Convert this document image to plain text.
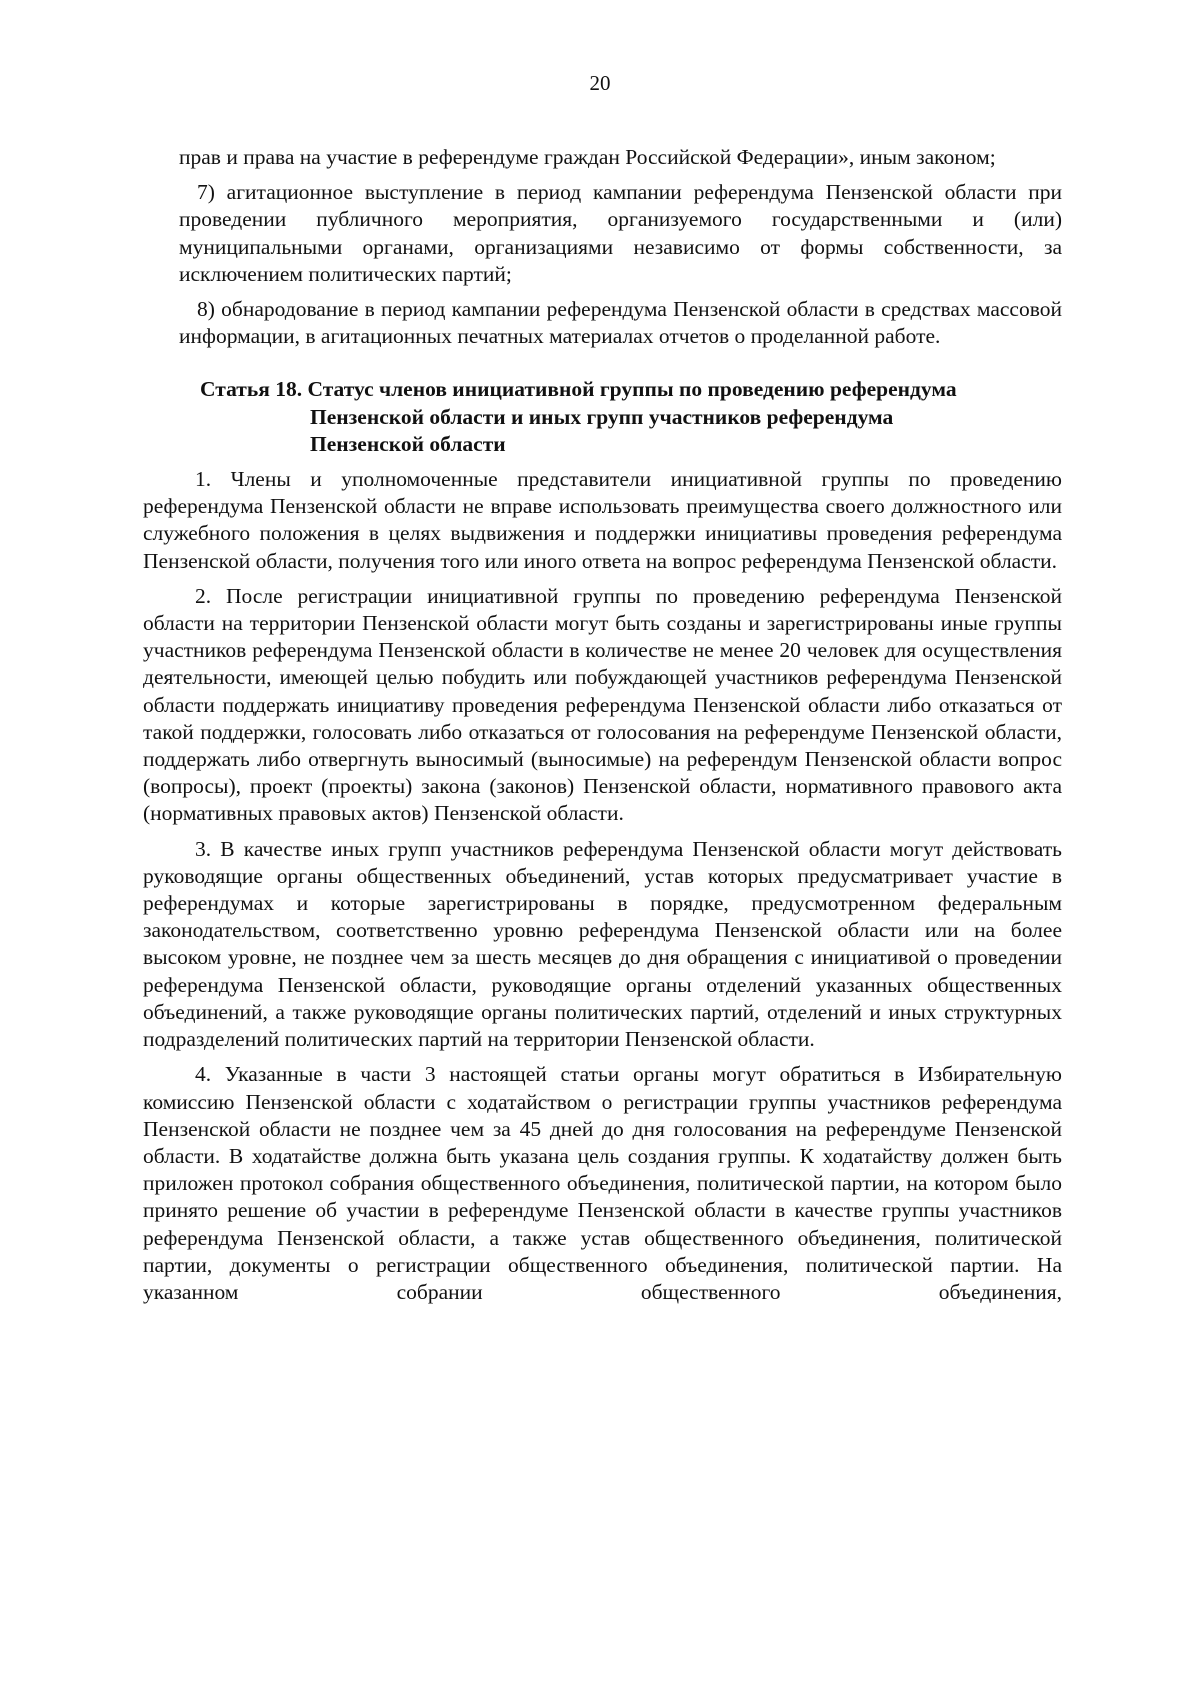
20

прав и права на участие в референдуме граждан Российской Федерации», иным законом;

7) агитационное выступление в период кампании референдума Пензенской области при проведении публичного мероприятия, организуемого государственными и (или) муниципальными органами, организациями независимо от формы собственности, за исключением политических партий;

8) обнародование в период кампании референдума Пензенской области в средствах массовой информации, в агитационных печатных материалах отчетов о проделанной работе.

Статья 18. Статус членов инициативной группы по проведению референдума
Пензенской области и иных групп участников референдума
Пензенской области

1. Члены и уполномоченные представители инициативной группы по проведению референдума Пензенской области не вправе использовать преимущества своего должностного или служебного положения в целях выдвижения и поддержки инициативы проведения референдума Пензенской области, получения того или иного ответа на вопрос референдума Пензенской области.

2. После регистрации инициативной группы по проведению референдума Пензенской области на территории Пензенской области могут быть созданы и зарегистрированы иные группы участников референдума Пензенской области в количестве не менее 20 человек для осуществления деятельности, имеющей целью побудить или побуждающей участников референдума Пензенской области поддержать инициативу проведения референдума Пензенской области либо отказаться от такой поддержки, голосовать либо отказаться от голосования на референдуме Пензенской области, поддержать либо отвергнуть выносимый (выносимые) на референдум Пензенской области вопрос (вопросы), проект (проекты) закона (законов) Пензенской области, нормативного правового акта (нормативных правовых актов) Пензенской области.

3. В качестве иных групп участников референдума Пензенской области могут действовать руководящие органы общественных объединений, устав которых предусматривает участие в референдумах и которые зарегистрированы в порядке, предусмотренном федеральным законодательством, соответственно уровню референдума Пензенской области или на более высоком уровне, не позднее чем за шесть месяцев до дня обращения с инициативой о проведении референдума Пензенской области, руководящие органы отделений указанных общественных объединений, а также руководящие органы политических партий, отделений и иных структурных подразделений политических партий на территории Пензенской области.

4. Указанные в части 3 настоящей статьи органы могут обратиться в Избирательную комиссию Пензенской области с ходатайством о регистрации группы участников референдума Пензенской области не позднее чем за 45 дней до дня голосования на референдуме Пензенской области. В ходатайстве должна быть указана цель создания группы. К ходатайству должен быть приложен протокол собрания общественного объединения, политической партии, на котором было принято решение об участии в референдуме Пензенской области в качестве группы участников референдума Пензенской области, а также устав общественного объединения, политической партии, документы о регистрации общественного объединения, политической партии. На указанном собрании общественного объединения,
